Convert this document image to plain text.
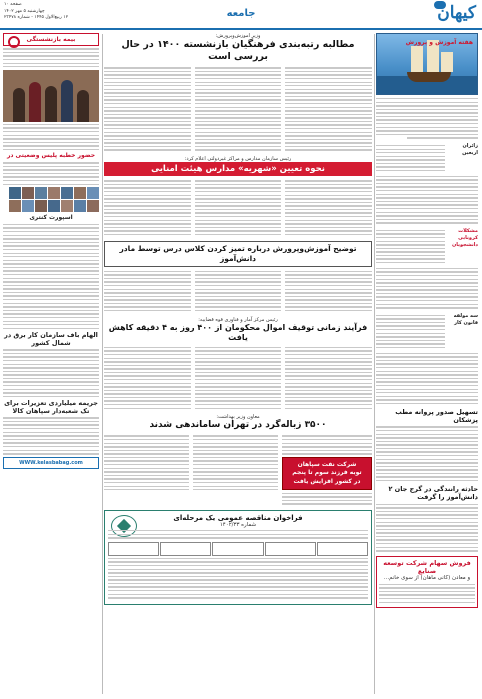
کیهان
جامعه
صفحه ۱۰
چهارشنبه ۵ مهر ۱۴۰۲
۱۲ ربیع‌الاول ۱۴۴۵ - شماره ۲۳۴۷۸
هفته آموزش و پرورش
زائران اربعین
مشکلات کرونایی دانشجویان
سه مولفه قانون کار
تسهیل صدور پروانه مطب پزشکان
حادثه رانندگی در گرج جان ۲ دانش‌آموز را گرفت
فروش سهام شرکت توسعه صنایع
و معادن (کانی ماهان) از سوی خانم...
وزیر آموزش‌وپرورش:
مطالبه رتبه‌بندی فرهنگیان بازنشسته ۱۴۰۰ در حال بررسی است
رئیس سازمان مدارس و مراکز غیردولتی اعلام کرد:
نحوه تعیین «شهریه» مدارس هیئت امنایی
توضیح آموزش‌وپرورش درباره تمیز کردن کلاس درس توسط مادر دانش‌آموز
رئیس مرکز آمار و فناوری قوه قضاییه:
فرآیند زمانی توقیف اموال محکومان از ۴۰۰ روز به ۴ دقیقه کاهش یافت
معاون وزیر بهداشت:
۳۵۰۰ زباله‌گرد در تهران ساماندهی شدند
شرکت نفت سپاهان
توبه فرزند سوم تا پنجم
در کشور افزایش یافت
فراخوان مناقصه عمومی یک مرحله‌ای
شماره ۱۴۰۲/۳۳
بیمه بازنشستگی
حضور خطبه پلیس وضعیتی در
اسپورت کنتری
الهام باف سازمان کار برق در شمال کشور
جریمه میلیاردی تعزیرات برای تک شعبه‌دار سپاهان کالا
WWW.kelasbabag.com
